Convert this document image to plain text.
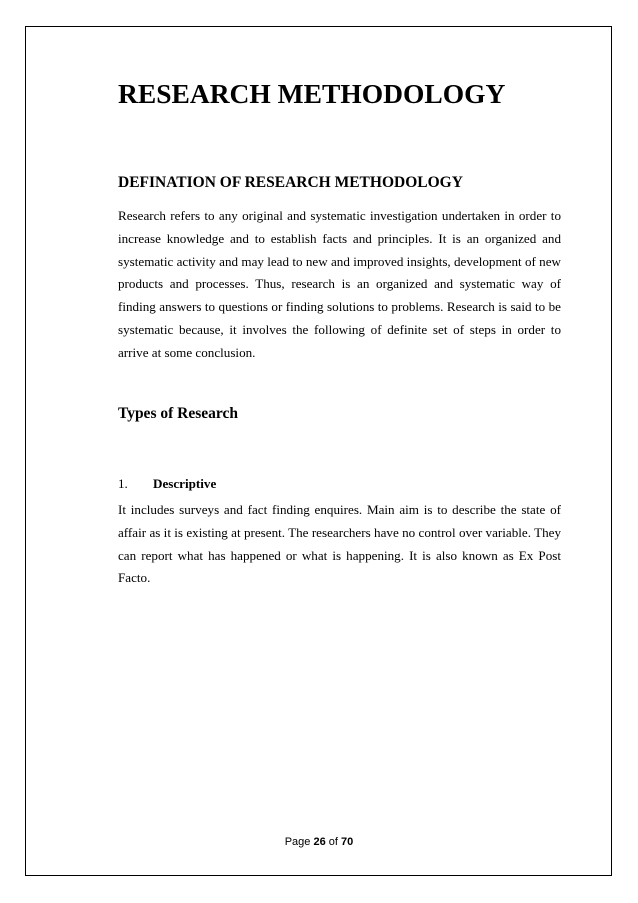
RESEARCH METHODOLOGY
DEFINATION OF RESEARCH METHODOLOGY

Research refers to any original and systematic investigation undertaken in order to increase knowledge and to establish facts and principles. It is an organized and systematic activity and may lead to new and improved insights, development of new products and processes. Thus, research is an organized and systematic way of finding answers to questions or finding solutions to problems. Research is said to be systematic because, it involves the following of definite set of steps in order to arrive at some conclusion.

Types of Research
1. Descriptive

It includes surveys and fact finding enquires. Main aim is to describe the state of affair as it is existing at present. The researchers have no control over variable. They can report what has happened or what is happening. It is also known as Ex Post Facto.

Page 26 of 70
